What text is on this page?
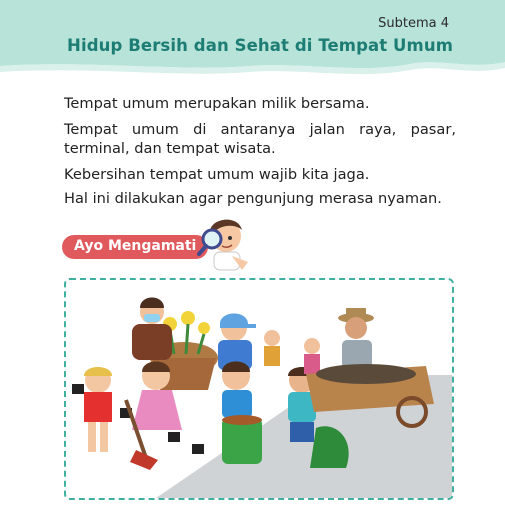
Subtema 4
Hidup Bersih dan Sehat di Tempat Umum
Tempat umum merupakan milik bersama.
Tempat umum di antaranya jalan raya, pasar, terminal, dan tempat wisata.
Kebersihan tempat umum wajib kita jaga.
Hal ini dilakukan agar pengunjung merasa nyaman.
Ayo Mengamati
